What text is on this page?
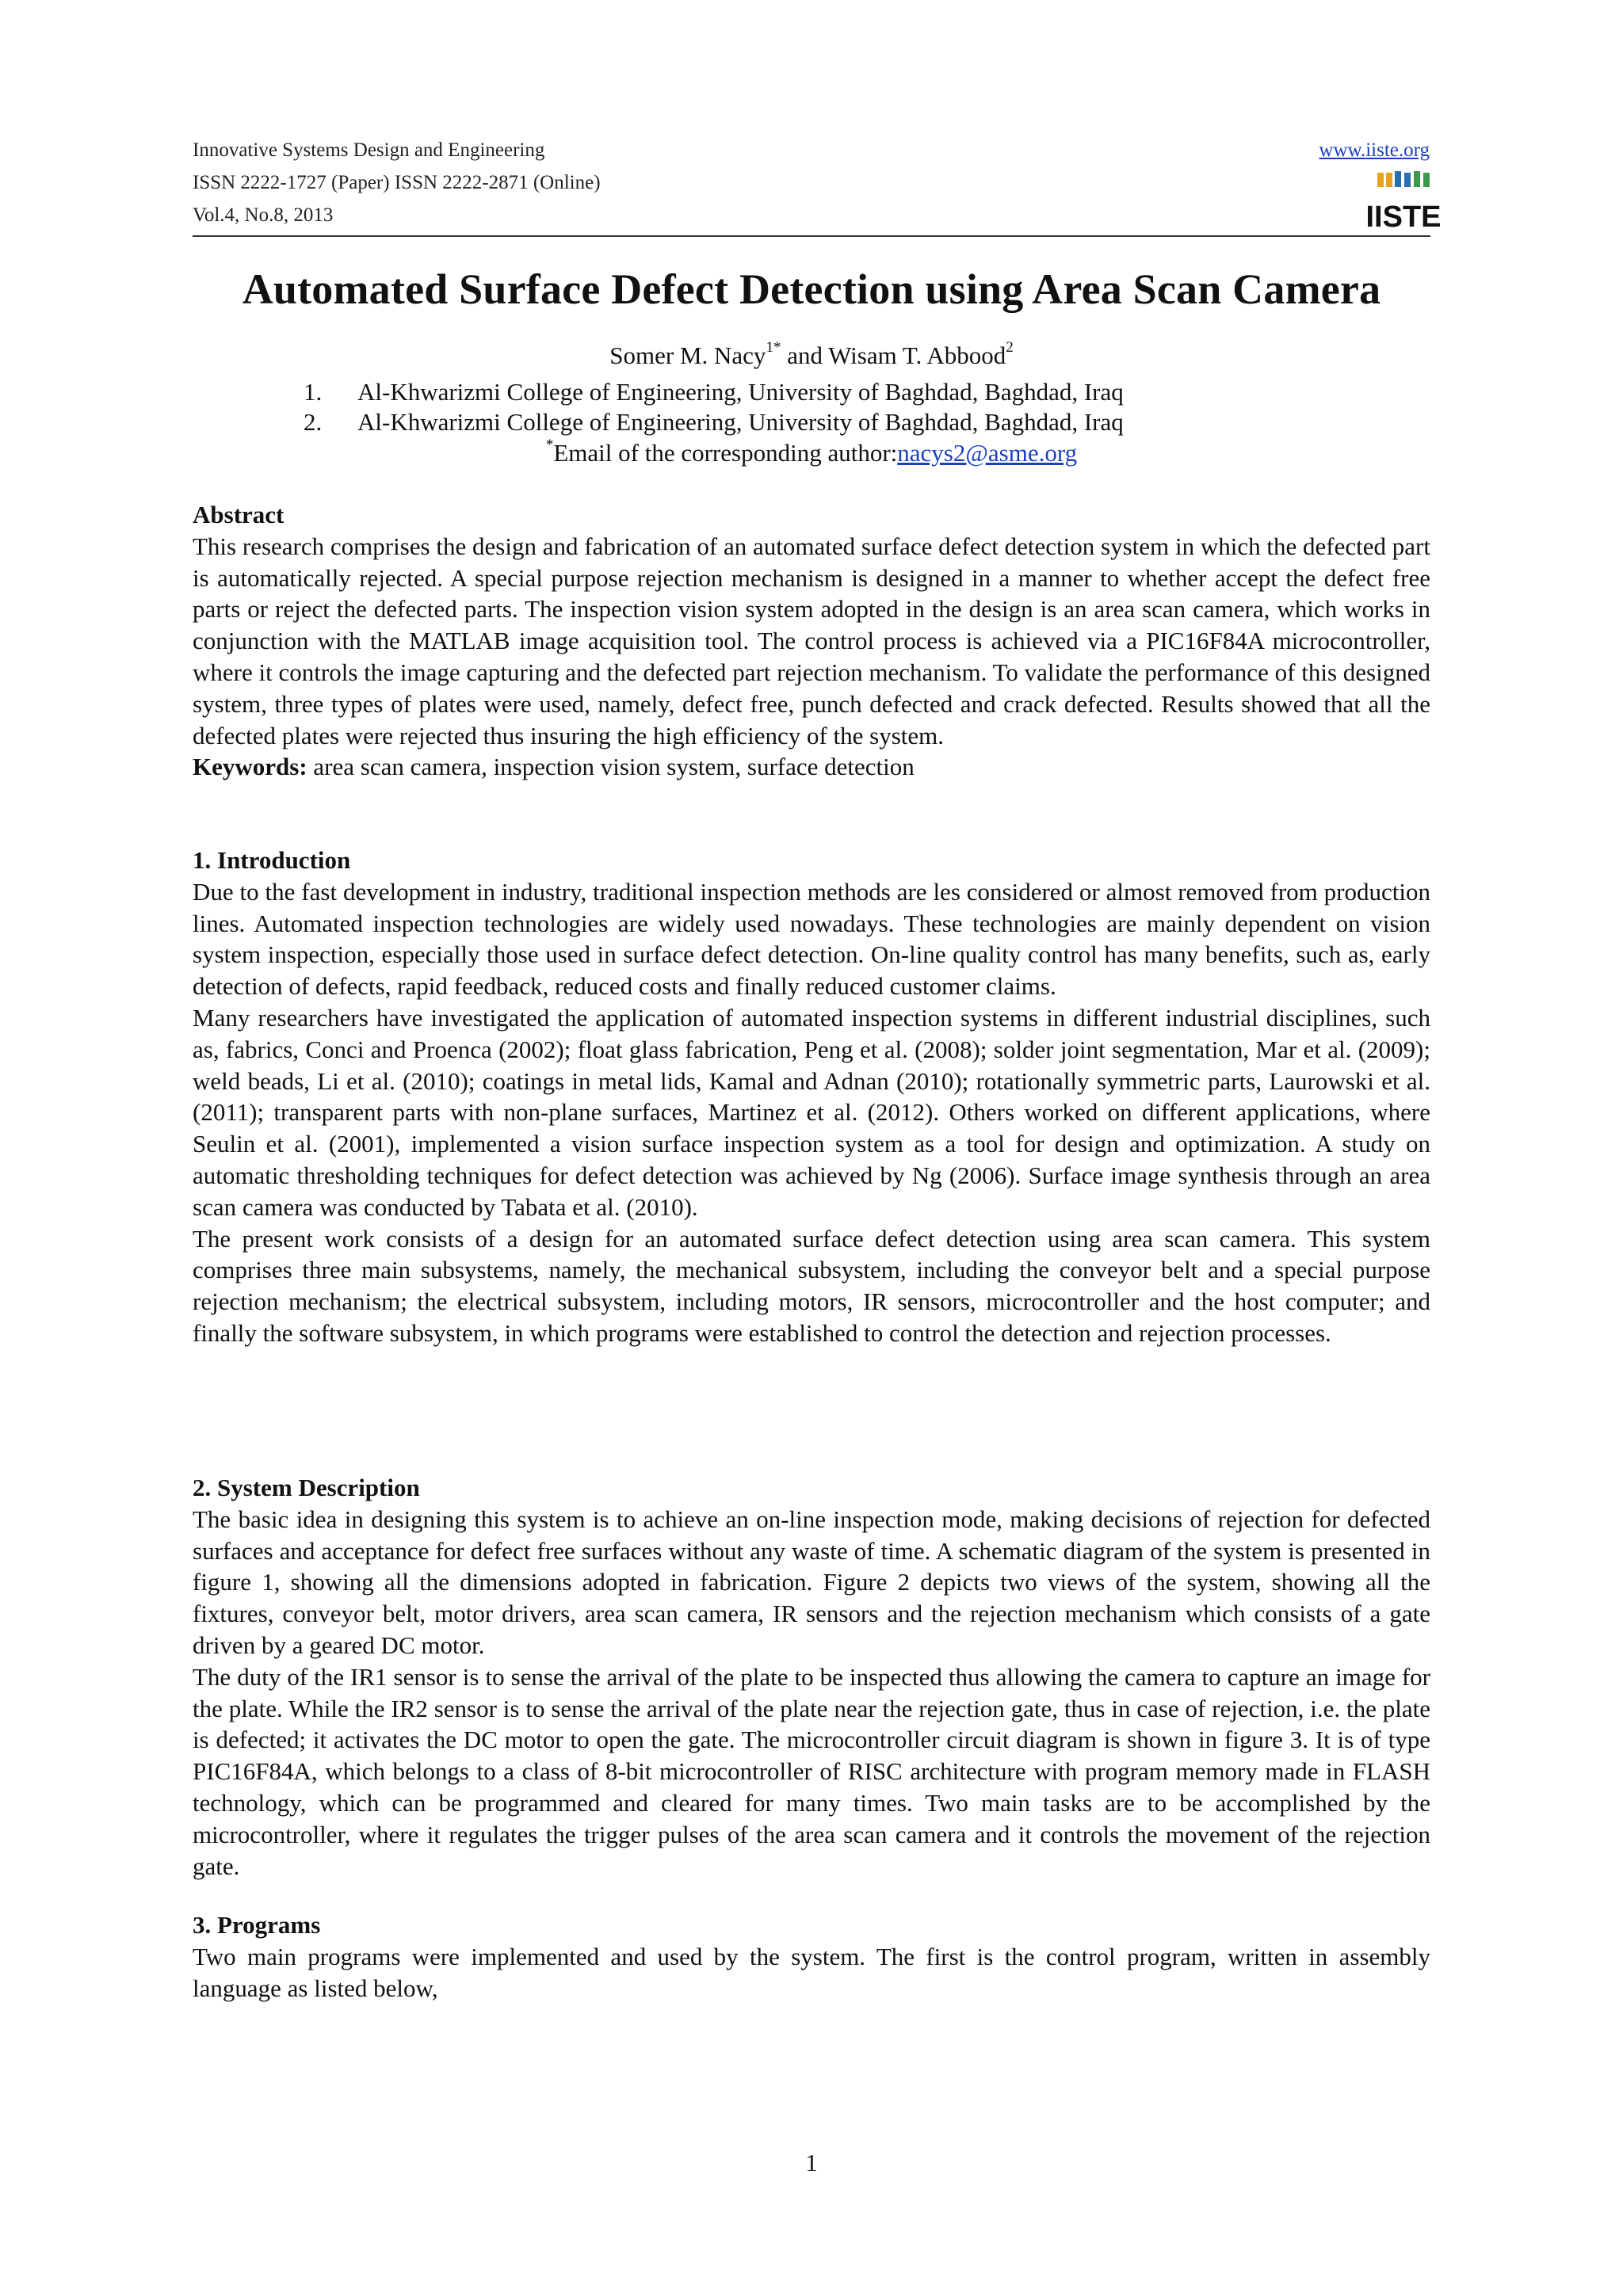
Innovative Systems Design and Engineering
ISSN 2222-1727 (Paper) ISSN 2222-2871 (Online)
Vol.4, No.8, 2013
www.iiste.org
IISTE
Automated Surface Defect Detection using Area Scan Camera
Somer M. Nacy$^{1*}$ and Wisam T. Abbood$^2$
1. Al-Khwarizmi College of Engineering, University of Baghdad, Baghdad, Iraq
2. Al-Khwarizmi College of Engineering, University of Baghdad, Baghdad, Iraq
*Email of the corresponding author:nacys2@asme.org
Abstract

This research comprises the design and fabrication of an automated surface defect detection system in which the defected part is automatically rejected. A special purpose rejection mechanism is designed in a manner to whether accept the defect free parts or reject the defected parts. The inspection vision system adopted in the design is an area scan camera, which works in conjunction with the MATLAB image acquisition tool. The control process is achieved via a PIC16F84A microcontroller, where it controls the image capturing and the defected part rejection mechanism. To validate the performance of this designed system, three types of plates were used, namely, defect free, punch defected and crack defected. Results showed that all the defected plates were rejected thus insuring the high efficiency of the system.

Keywords: area scan camera, inspection vision system, surface detection
1. Introduction

Due to the fast development in industry, traditional inspection methods are les considered or almost removed from production lines. Automated inspection technologies are widely used nowadays. These technologies are mainly dependent on vision system inspection, especially those used in surface defect detection. On-line quality control has many benefits, such as, early detection of defects, rapid feedback, reduced costs and finally reduced customer claims.

Many researchers have investigated the application of automated inspection systems in different industrial disciplines, such as, fabrics, Conci and Proenca (2002); float glass fabrication, Peng et al. (2008); solder joint segmentation, Mar et al. (2009); weld beads, Li et al. (2010); coatings in metal lids, Kamal and Adnan (2010); rotationally symmetric parts, Laurowski et al. (2011); transparent parts with non-plane surfaces, Martinez et al. (2012). Others worked on different applications, where Seulin et al. (2001), implemented a vision surface inspection system as a tool for design and optimization. A study on automatic thresholding techniques for defect detection was achieved by Ng (2006). Surface image synthesis through an area scan camera was conducted by Tabata et al. (2010).

The present work consists of a design for an automated surface defect detection using area scan camera. This system comprises three main subsystems, namely, the mechanical subsystem, including the conveyor belt and a special purpose rejection mechanism; the electrical subsystem, including motors, IR sensors, microcontroller and the host computer; and finally the software subsystem, in which programs were established to control the detection and rejection processes.

2. System Description

The basic idea in designing this system is to achieve an on-line inspection mode, making decisions of rejection for defected surfaces and acceptance for defect free surfaces without any waste of time. A schematic diagram of the system is presented in figure 1, showing all the dimensions adopted in fabrication. Figure 2 depicts two views of the system, showing all the fixtures, conveyor belt, motor drivers, area scan camera, IR sensors and the rejection mechanism which consists of a gate driven by a geared DC motor.

The duty of the IR1 sensor is to sense the arrival of the plate to be inspected thus allowing the camera to capture an image for the plate. While the IR2 sensor is to sense the arrival of the plate near the rejection gate, thus in case of rejection, i.e. the plate is defected; it activates the DC motor to open the gate. The microcontroller circuit diagram is shown in figure 3. It is of type PIC16F84A, which belongs to a class of 8-bit microcontroller of RISC architecture with program memory made in FLASH technology, which can be programmed and cleared for many times. Two main tasks are to be accomplished by the microcontroller, where it regulates the trigger pulses of the area scan camera and it controls the movement of the rejection gate.

3. Programs

Two main programs were implemented and used by the system. The first is the control program, written in assembly language as listed below,

1
